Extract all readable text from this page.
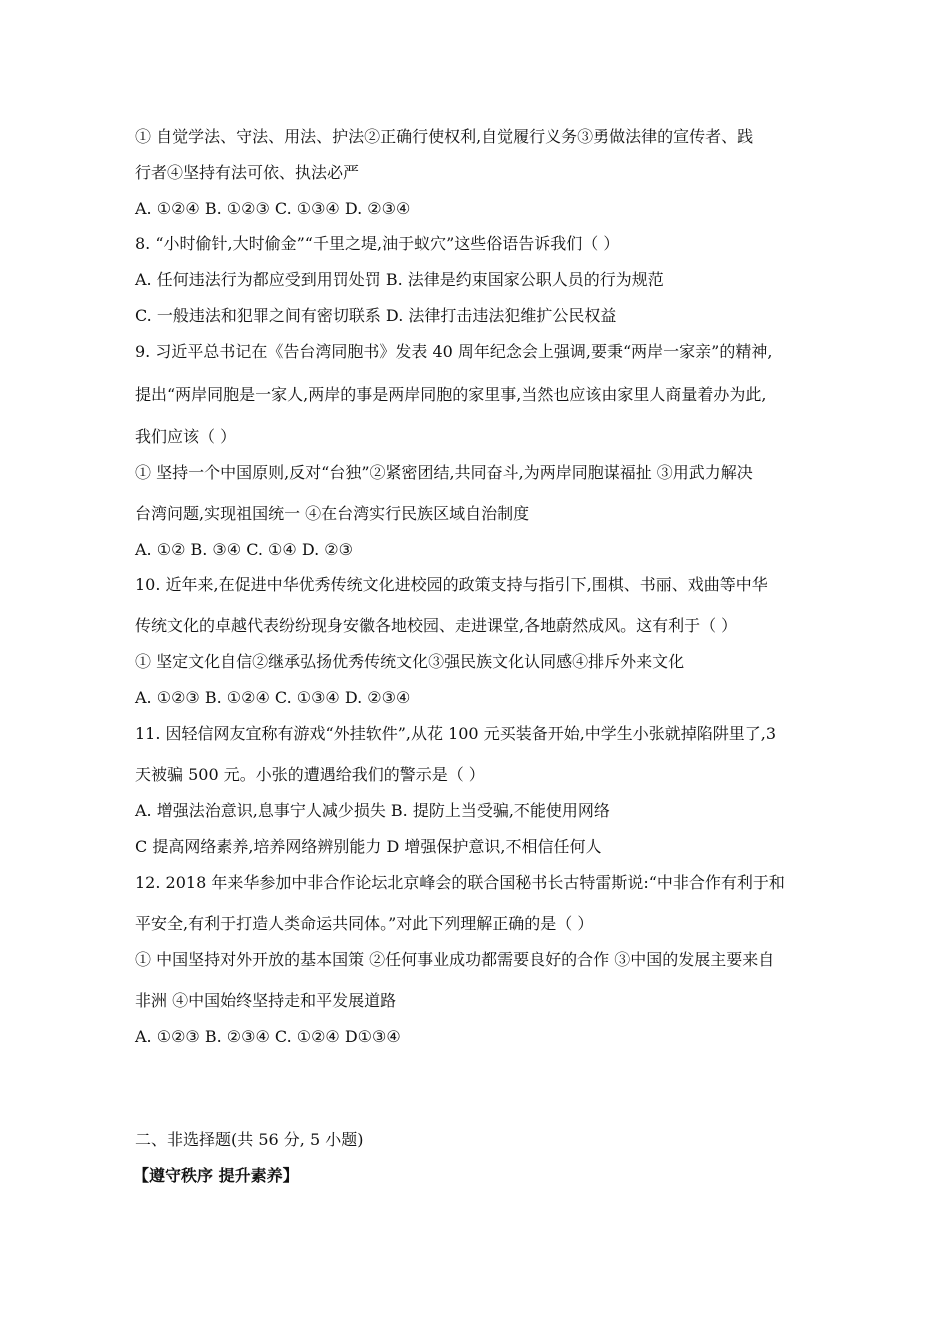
① 自觉学法、守法、用法、护法②正确行使权利,自觉履行义务③勇做法律的宣传者、践
行者④坚持有法可依、执法必严
A. ①②④ B. ①②③ C. ①③④ D. ②③④
8. “小时偷针,大时偷金”“千里之堤,油于蚁穴”这些俗语告诉我们（ ）
A. 任何违法行为都应受到用罚处罚 B. 法律是约束国家公职人员的行为规范
C. 一般违法和犯罪之间有密切联系 D. 法律打击违法犯维扩公民权益
9. 习近平总书记在《告台湾同胞书》发表 40 周年纪念会上强调,要秉“两岸一家亲”的精神,
提出“两岸同胞是一家人,两岸的事是两岸同胞的家里事,当然也应该由家里人商量着办为此,
我们应该（ ）
① 坚持一个中国原则,反对“台独”②紧密团结,共同奋斗,为两岸同胞谋福扯 ③用武力解决
台湾问题,实现祖国统一 ④在台湾实行民族区域自治制度
A. ①② B. ③④ C. ①④ D. ②③
10. 近年来,在促进中华优秀传统文化进校园的政策支持与指引下,围棋、书丽、戏曲等中华
传统文化的卓越代表纷纷现身安徽各地校园、走进课堂,各地蔚然成风。这有利于（ ）
① 坚定文化自信②继承弘扬优秀传统文化③强民族文化认同感④排斥外来文化
A. ①②③ B. ①②④ C. ①③④ D. ②③④
11. 因轻信网友宜称有游戏“外挂软件”,从花 100 元买装备开始,中学生小张就掉陷阱里了,3
天被骗 500 元。小张的遭遇给我们的警示是（ ）
A. 增强法治意识,息事宁人减少损失 B. 提防上当受骗,不能使用网络
C 提高网络素养,培养网络辨别能力 D 增强保护意识,不相信任何人
12. 2018 年来华参加中非合作论坛北京峰会的联合国秘书长古特雷斯说:“中非合作有利于和
平安全,有利于打造人类命运共同体。”对此下列理解正确的是（ ）
① 中国坚持对外开放的基本国策 ②任何事业成功都需要良好的合作 ③中国的发展主要来自
非洲 ④中国始终坚持走和平发展道路
A. ①②③ B. ②③④ C. ①②④ D①③④
二、非选择题(共 56 分, 5 小题)
【遵守秩序 提升素养】
